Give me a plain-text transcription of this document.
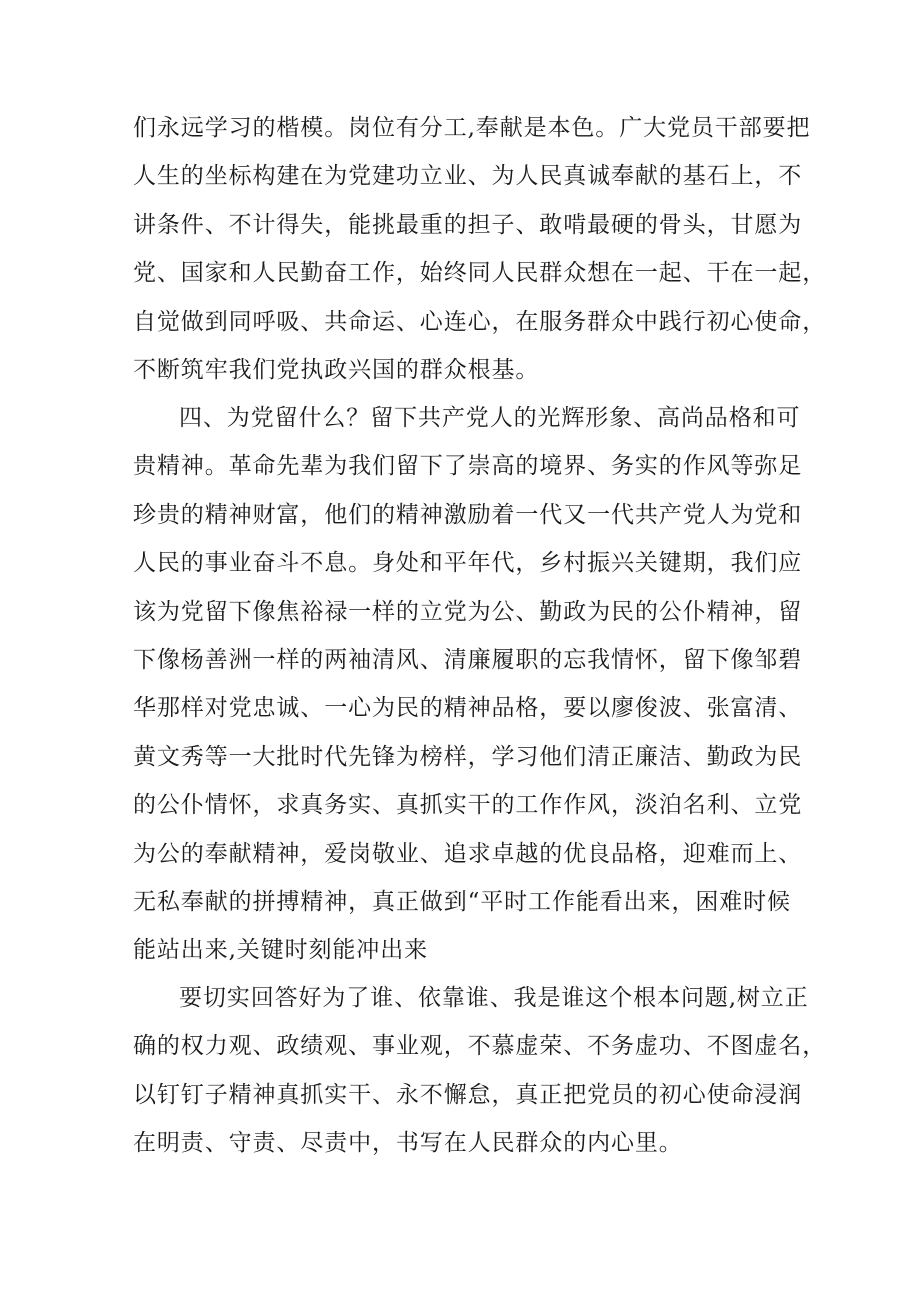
们永远学习的楷模。岗位有分工,奉献是本色。广大党员干部要把
人生的坐标构建在为党建功立业、为人民真诚奉献的基石上，不
讲条件、不计得失，能挑最重的担子、敢啃最硬的骨头，甘愿为
党、国家和人民勤奋工作，始终同人民群众想在一起、干在一起，
自觉做到同呼吸、共命运、心连心，在服务群众中践行初心使命，
不断筑牢我们党执政兴国的群众根基。
四、为党留什么？留下共产党人的光辉形象、高尚品格和可
贵精神。革命先辈为我们留下了崇高的境界、务实的作风等弥足
珍贵的精神财富，他们的精神激励着一代又一代共产党人为党和
人民的事业奋斗不息。身处和平年代，乡村振兴关键期，我们应
该为党留下像焦裕禄一样的立党为公、勤政为民的公仆精神，留
下像杨善洲一样的两袖清风、清廉履职的忘我情怀，留下像邹碧
华那样对党忠诚、一心为民的精神品格，要以廖俊波、张富清、
黄文秀等一大批时代先锋为榜样，学习他们清正廉洁、勤政为民
的公仆情怀，求真务实、真抓实干的工作作风，淡泊名利、立党
为公的奉献精神，爱岗敬业、追求卓越的优良品格，迎难而上、
无私奉献的拼搏精神，真正做到“平时工作能看出来，困难时候
能站出来,关键时刻能冲出来
要切实回答好为了谁、依靠谁、我是谁这个根本问题,树立正
确的权力观、政绩观、事业观，不慕虚荣、不务虚功、不图虚名，
以钉钉子精神真抓实干、永不懈怠，真正把党员的初心使命浸润
在明责、守责、尽责中，书写在人民群众的内心里。
